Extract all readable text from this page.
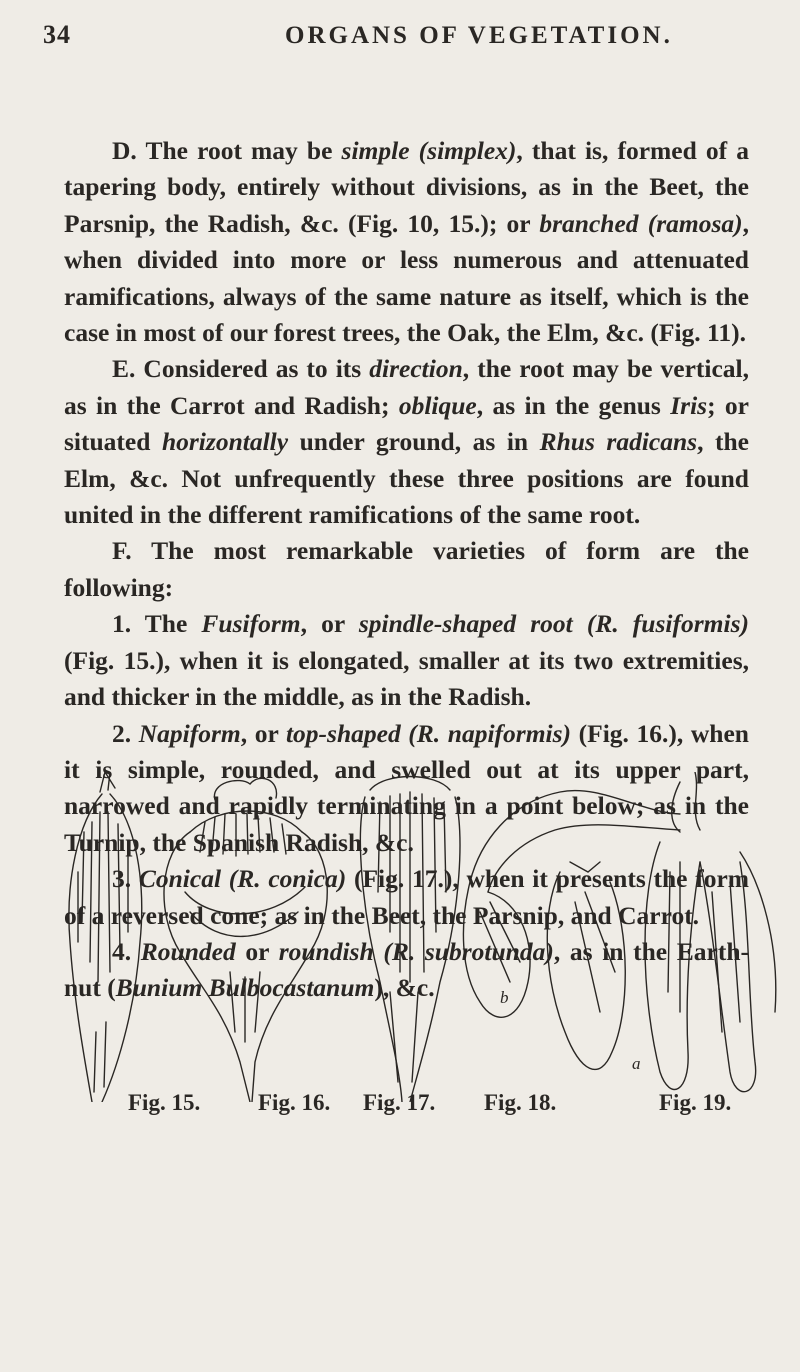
34	ORGANS OF VEGETATION.

D. The root may be simple (simplex), that is, formed of a tapering body, entirely without divisions, as in the Beet, the Parsnip, the Radish, &c. (Fig. 10, 15.); or branched (ramosa), when divided into more or less numerous and attenuated ramifications, always of the same nature as itself, which is the case in most of our forest trees, the Oak, the Elm, &c. (Fig. 11).

E. Considered as to its direction, the root may be vertical, as in the Carrot and Radish; oblique, as in the genus Iris; or situated horizontally under ground, as in Rhus radicans, the Elm, &c. Not unfrequently these three positions are found united in the different ramifications of the same root.

F. The most remarkable varieties of form are the following:

1. The Fusiform, or spindle-shaped root (R. fusiformis) (Fig. 15.), when it is elongated, smaller at its two extremities, and thicker in the middle, as in the Radish.

2. Napiform, or top-shaped (R. napiformis) (Fig. 16.), when it is simple, rounded, and swelled out at its upper part, narrowed and rapidly terminating in a point below; as in the Turnip, the Spanish Radish, &c.

3. Conical (R. conica) (Fig. 17.), when it presents the form of a reversed cone; as in the Beet, the Parsnip, and Carrot.

4. Rounded or roundish (R. subrotunda), as in the Earth-nut (Bunium Bulbocastanum), &c.	b
a
Fig. 15.	Fig. 16. Fig. 17. Fig. 18.	Fig. 19.
